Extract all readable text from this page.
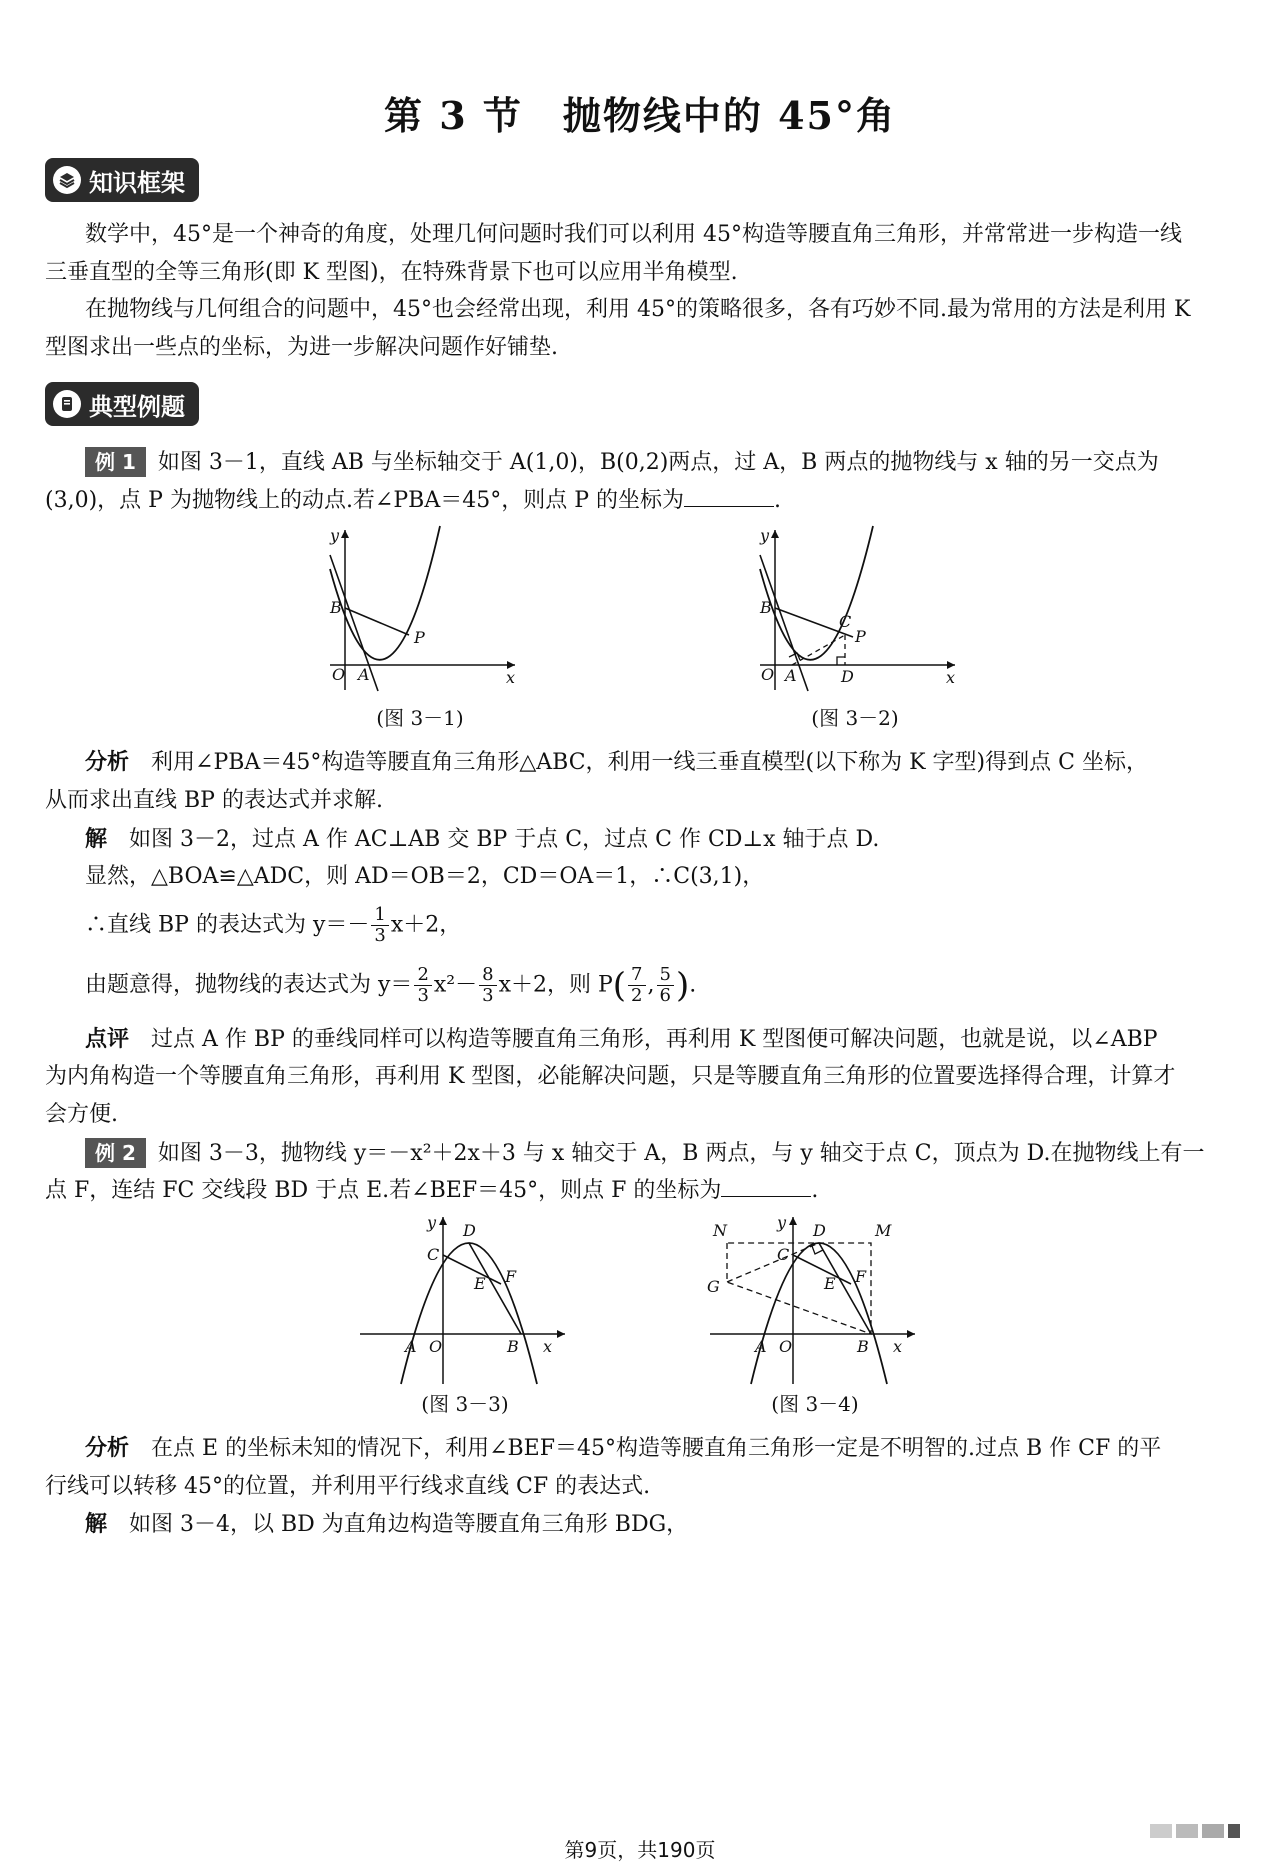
第 3 节　抛物线中的 45°角
知识框架
数学中，45°是一个神奇的角度，处理几何问题时我们可以利用 45°构造等腰直角三角形，并常常进一步构造一线
三垂直型的全等三角形(即 K 型图)，在特殊背景下也可以应用半角模型.
在抛物线与几何组合的问题中，45°也会经常出现，利用 45°的策略很多，各有巧妙不同.最为常用的方法是利用 K
型图求出一些点的坐标，为进一步解决问题作好铺垫.
典型例题
例 1 如图 3－1，直线 AB 与坐标轴交于 A(1,0)，B(0,2)两点，过 A，B 两点的抛物线与 x 轴的另一交点为
(3,0)，点 P 为抛物线上的动点.若∠PBA＝45°，则点 P 的坐标为	.
O A
B
P
x
y
(图 3－1)
O A
B
C
D
P
x
y
(图 3－2)
分析　 利用∠PBA＝45°构造等腰直角三角形△ABC，利用一线三垂直模型(以下称为 K 字型)得到点 C 坐标，
从而求出直线 BP 的表达式并求解.
解　 如图 3－2，过点 A 作 AC⊥AB 交 BP 于点 C，过点 C 作 CD⊥x 轴于点 D.
显然，△BOA≌△ADC，则 AD＝OB＝2，CD＝OA＝1，∴C(3,1)，
∴直线 BP 的表达式为 $y=- \frac{1}{3} x+2$，
由题意得，抛物线的表达式为 $y= \frac{2}{3} x^2- \frac{8}{3} x+2$，则 $P( \frac{7}{2}$ , $\frac{5}{6}$ ).
点评　 过点 A 作 BP 的垂线同样可以构造等腰直角三角形，再利用 K 型图便可解决问题，也就是说，以∠ABP
为内角构造一个等腰直角三角形，再利用 K 型图，必能解决问题，只是等腰直角三角形的位置要选择得合理，计算才
会方便.
例 2 如图 3－3，抛物线 y＝－x²＋2x＋3 与 x 轴交于 A，B 两点，与 y 轴交于点 C，顶点为 D.在抛物线上有一
点 F，连结 FC 交线段 BD 于点 E.若∠BEF＝45°，则点 F 的坐标为	.
O
A	B
C
D
E F
x
y
(图 3－3)
O
A	B
C
D
E F
G
M
N
x
y
(图 3－4)
分析　 在点 E 的坐标未知的情况下，利用∠BEF＝45°构造等腰直角三角形一定是不明智的.过点 B 作 CF 的平
行线可以转移 45°的位置，并利用平行线求直线 CF 的表达式.
解　 如图 3－4，以 BD 为直角边构造等腰直角三角形 BDG，
第9页，共190页
